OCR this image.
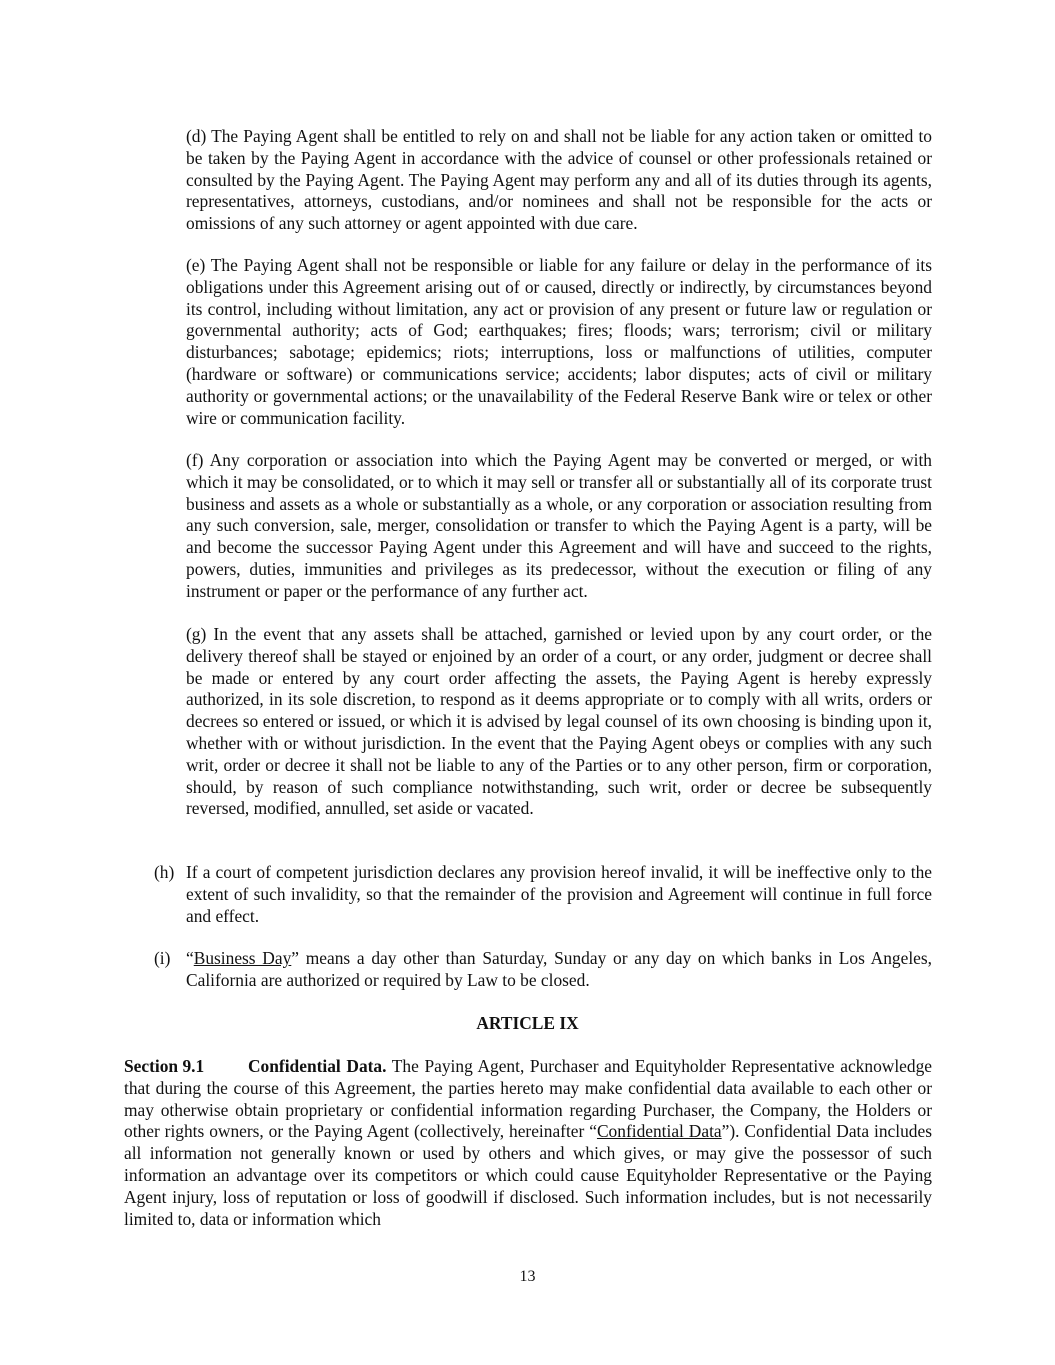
(d) The Paying Agent shall be entitled to rely on and shall not be liable for any action taken or omitted to be taken by the Paying Agent in accordance with the advice of counsel or other professionals retained or consulted by the Paying Agent. The Paying Agent may perform any and all of its duties through its agents, representatives, attorneys, custodians, and/or nominees and shall not be responsible for the acts or omissions of any such attorney or agent appointed with due care.

(e) The Paying Agent shall not be responsible or liable for any failure or delay in the performance of its obligations under this Agreement arising out of or caused, directly or indirectly, by circumstances beyond its control, including without limitation, any act or provision of any present or future law or regulation or governmental authority; acts of God; earthquakes; fires; floods; wars; terrorism; civil or military disturbances; sabotage; epidemics; riots; interruptions, loss or malfunctions of utilities, computer (hardware or software) or communications service; accidents; labor disputes; acts of civil or military authority or governmental actions; or the unavailability of the Federal Reserve Bank wire or telex or other wire or communication facility.

(f) Any corporation or association into which the Paying Agent may be converted or merged, or with which it may be consolidated, or to which it may sell or transfer all or substantially all of its corporate trust business and assets as a whole or substantially as a whole, or any corporation or association resulting from any such conversion, sale, merger, consolidation or transfer to which the Paying Agent is a party, will be and become the successor Paying Agent under this Agreement and will have and succeed to the rights, powers, duties, immunities and privileges as its predecessor, without the execution or filing of any instrument or paper or the performance of any further act.

(g) In the event that any assets shall be attached, garnished or levied upon by any court order, or the delivery thereof shall be stayed or enjoined by an order of a court, or any order, judgment or decree shall be made or entered by any court order affecting the assets, the Paying Agent is hereby expressly authorized, in its sole discretion, to respond as it deems appropriate or to comply with all writs, orders or decrees so entered or issued, or which it is advised by legal counsel of its own choosing is binding upon it, whether with or without jurisdiction. In the event that the Paying Agent obeys or complies with any such writ, order or decree it shall not be liable to any of the Parties or to any other person, firm or corporation, should, by reason of such compliance notwithstanding, such writ, order or decree be subsequently reversed, modified, annulled, set aside or vacated.

(h) If a court of competent jurisdiction declares any provision hereof invalid, it will be ineffective only to the extent of such invalidity, so that the remainder of the provision and Agreement will continue in full force and effect.
(i) “Business Day” means a day other than Saturday, Sunday or any day on which banks in Los Angeles, California are authorized or required by Law to be closed.
ARTICLE IX
Section 9.1	Confidential Data. The Paying Agent, Purchaser and Equityholder Representative acknowledge that during the course of this Agreement, the parties hereto may make confidential data available to each other or may otherwise obtain proprietary or confidential information regarding Purchaser, the Company, the Holders or other rights owners, or the Paying Agent (collectively, hereinafter “Confidential Data”). Confidential Data includes all information not generally known or used by others and which gives, or may give the possessor of such information an advantage over its competitors or which could cause Equityholder Representative or the Paying Agent injury, loss of reputation or loss of goodwill if disclosed. Such information includes, but is not necessarily limited to, data or information which
13
